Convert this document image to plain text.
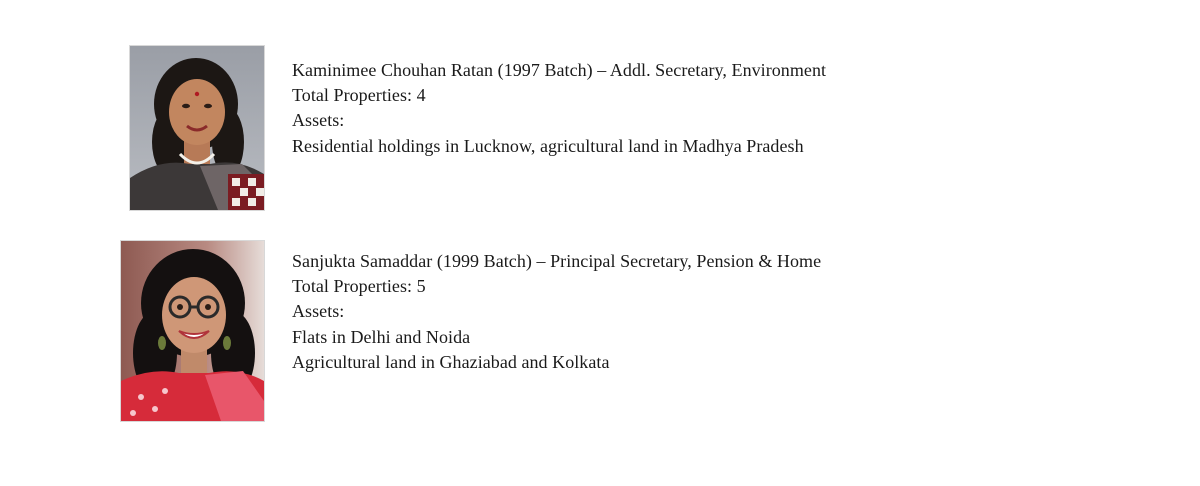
Kaminimee Chouhan Ratan (1997 Batch) – Addl. Secretary, Environment
Total Properties: 4
Assets:
Residential holdings in Lucknow, agricultural land in Madhya Pradesh
Sanjukta Samaddar (1999 Batch) – Principal Secretary, Pension & Home
Total Properties: 5
Assets:
Flats in Delhi and Noida
Agricultural land in Ghaziabad and Kolkata
